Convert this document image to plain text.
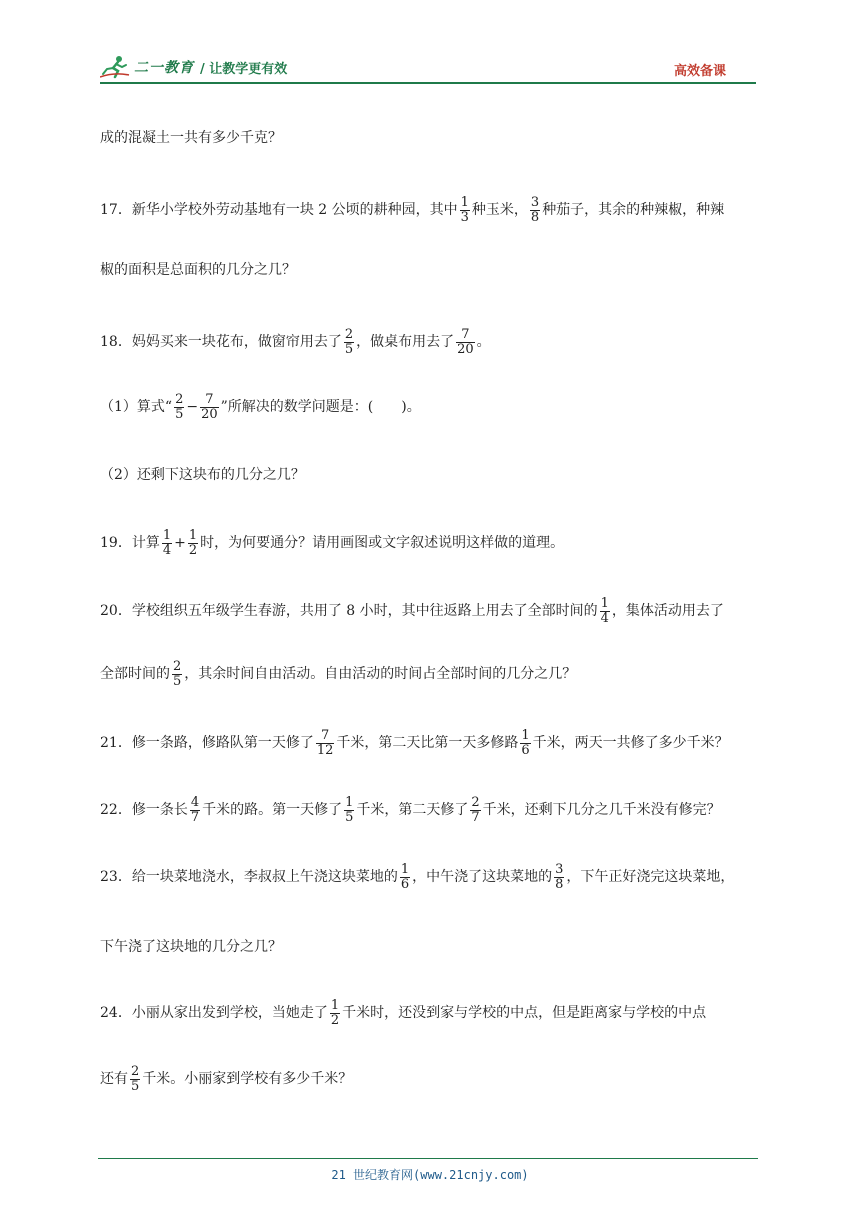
二一教育 / 让教学更有效	高效备课
成的混凝土一共有多少千克？
17．新华小学校外劳动基地有一块 2 公顷的耕种园，其中 $\frac{1}{3}$ 种玉米， $\frac{3}{8}$ 种茄子，其余的种辣椒，种辣
椒的面积是总面积的几分之几？
18．妈妈买来一块花布，做窗帘用去了 $\frac{2}{5}$ ，做桌布用去了 $\frac{7}{20}$ 。
（1）算式“ $\frac{2}{5} - \frac{7}{20}$ ”所解决的数学问题是：(　　)。
（2）还剩下这块布的几分之几？
19．计算 $\frac{1}{4} + \frac{1}{2}$ 时，为何要通分？请用画图或文字叙述说明这样做的道理。
20．学校组织五年级学生春游，共用了 8 小时，其中往返路上用去了全部时间的 $\frac{1}{4}$ ，集体活动用去了
全部时间的 $\frac{2}{5}$ ，其余时间自由活动。自由活动的时间占全部时间的几分之几？
21．修一条路，修路队第一天修了 $\frac{7}{12}$ 千米，第二天比第一天多修路 $\frac{1}{6}$ 千米，两天一共修了多少千米？
22．修一条长 $\frac{4}{7}$ 千米的路。第一天修了 $\frac{1}{5}$ 千米，第二天修了 $\frac{2}{7}$ 千米，还剩下几分之几千米没有修完？
23．给一块菜地浇水，李叔叔上午浇这块菜地的 $\frac{1}{6}$ ，中午浇了这块菜地的 $\frac{3}{8}$ ，下午正好浇完这块菜地，
下午浇了这块地的几分之几？
24．小丽从家出发到学校，当她走了 $\frac{1}{2}$ 千米时，还没到家与学校的中点，但是距离家与学校的中点
还有 $\frac{2}{5}$ 千米。小丽家到学校有多少千米？
21 世纪教育网(www.21cnjy.com)
